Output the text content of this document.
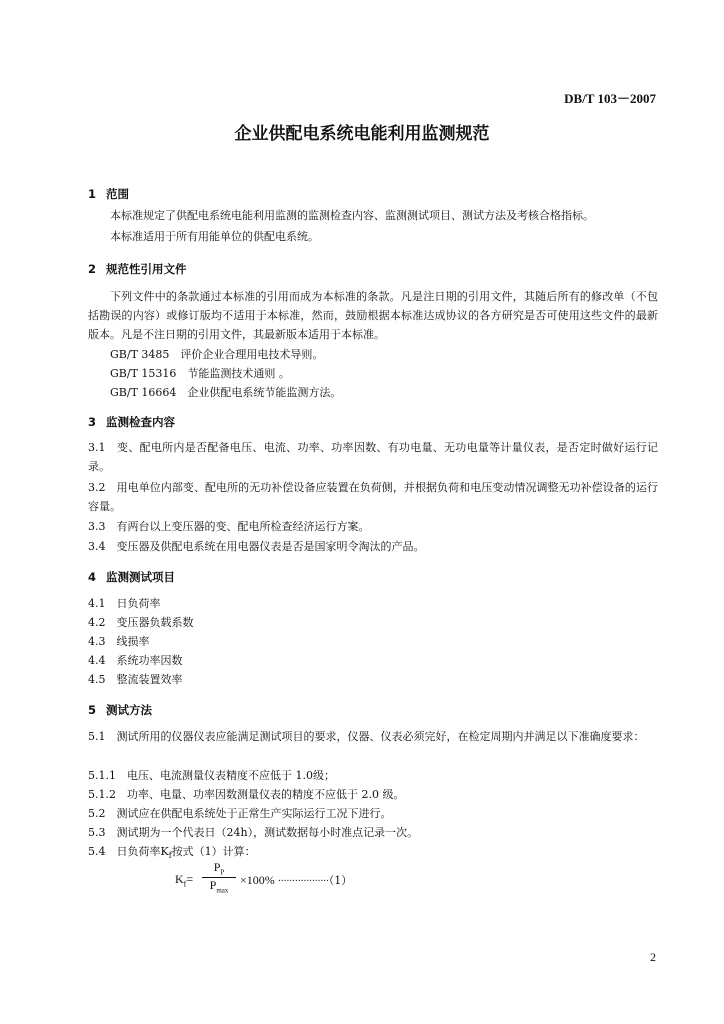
DB/T 103－2007
企业供配电系统电能利用监测规范
1 范围
本标准规定了供配电系统电能利用监测的监测检查内容、监测测试项目、测试方法及考核合格指标。
本标准适用于所有用能单位的供配电系统。
2 规范性引用文件
下列文件中的条款通过本标准的引用而成为本标准的条款。凡是注日期的引用文件，其随后所有的修改单（不包括勘误的内容）或修订版均不适用于本标准，然而，鼓励根据本标准达成协议的各方研究是否可使用这些文件的最新版本。凡是不注日期的引用文件，其最新版本适用于本标准。
GB/T 3485　评价企业合理用电技术导则。
GB/T 15316　节能监测技术通则 。
GB/T 16664　企业供配电系统节能监测方法。
3 监测检查内容
3.1　变、配电所内是否配备电压、电流、功率、功率因数、有功电量、无功电量等计量仪表，是否定时做好运行记录。
3.2　用电单位内部变、配电所的无功补偿设备应装置在负荷侧，并根据负荷和电压变动情况调整无功补偿设备的运行容量。
3.3　有两台以上变压器的变、配电所检查经济运行方案。
3.4　变压器及供配电系统在用电器仪表是否是国家明令淘汰的产品。
4 监测测试项目
4.1　日负荷率
4.2　变压器负载系数
4.3　线损率
4.4　系统功率因数
4.5　整流装置效率
5 测试方法
5.1　测试所用的仪器仪表应能满足测试项目的要求，仪器、仪表必须完好，在检定周期内并满足以下准确度要求：
5.1.1　电压、电流测量仪表精度不应低于 1.0级；
5.1.2　功率、电量、功率因数测量仪表的精度不应低于 2.0 级。
5.2　测试应在供配电系统处于正常生产实际运行工况下进行。
5.3　测试期为一个代表日（24h），测试数据每小时准点记录一次。
5.4　日负荷率$K_f$按式（1）计算：
$K_f=$
$P_P$
$P_{max}$
×100% ··················（1）
2
